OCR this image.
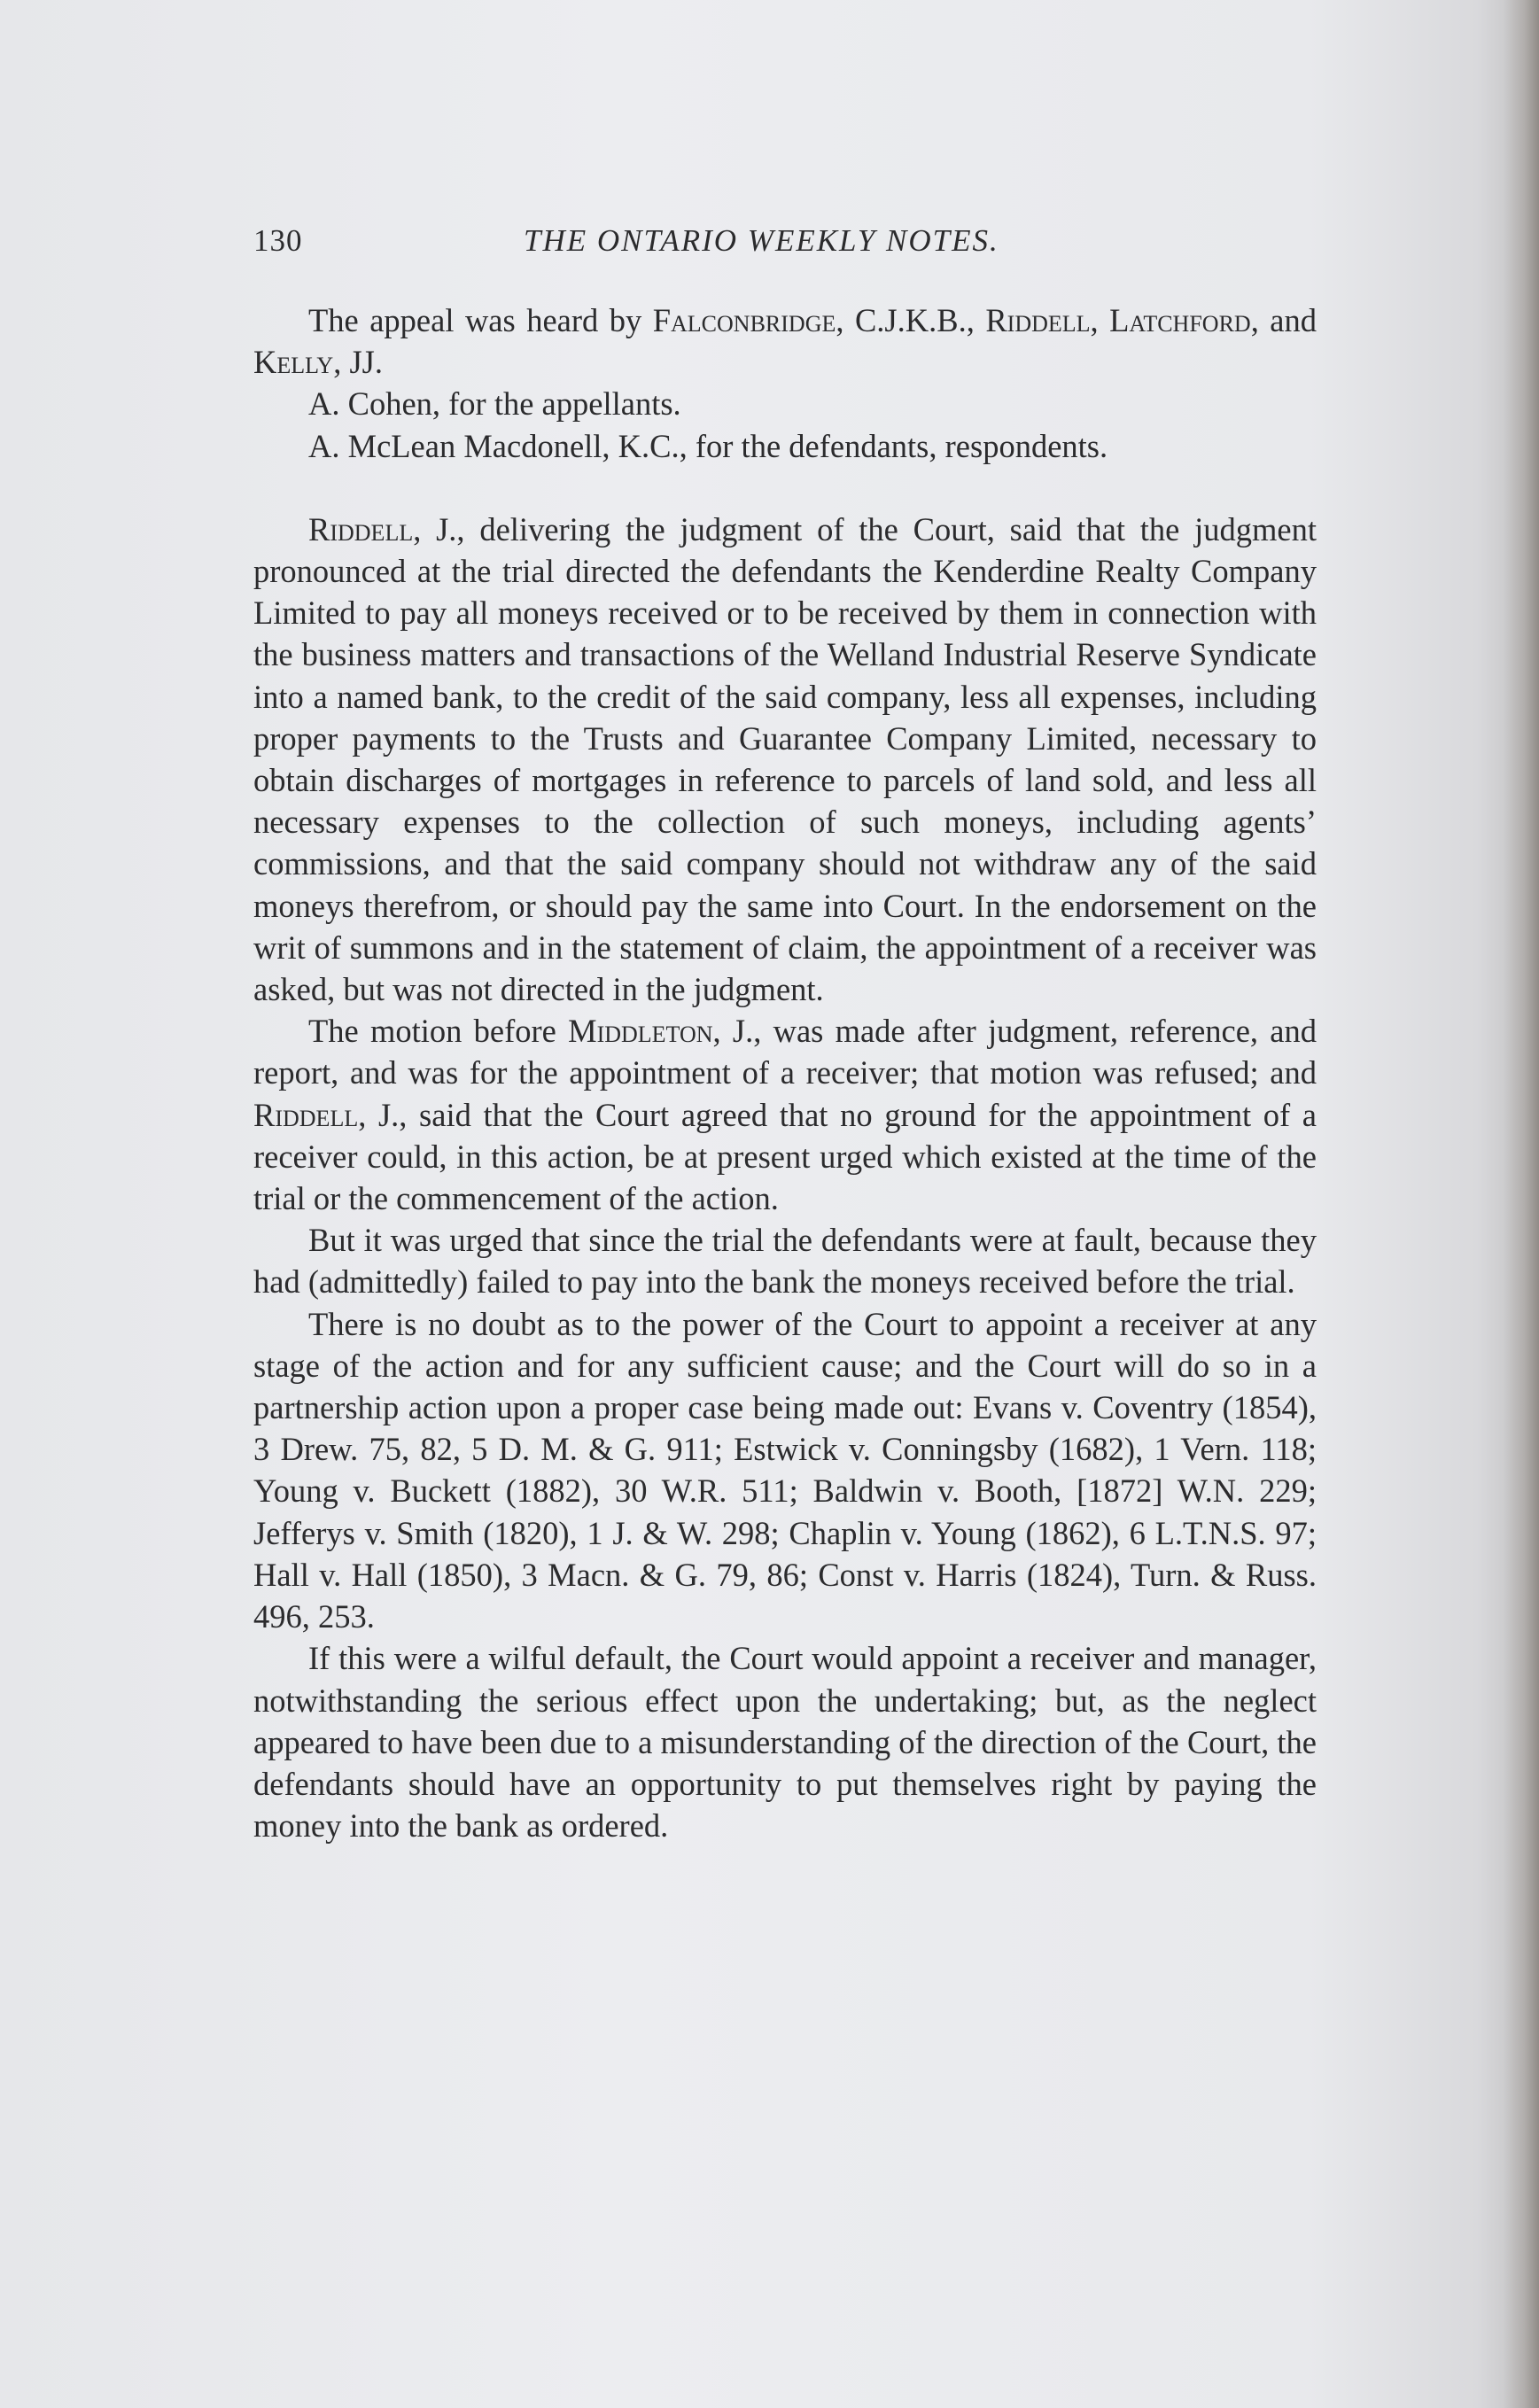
130	THE ONTARIO WEEKLY NOTES.

The appeal was heard by Falconbridge, C.J.K.B., Riddell, Latchford, and Kelly, JJ.

A. Cohen, for the appellants.

A. McLean Macdonell, K.C., for the defendants, respondents.

Riddell, J., delivering the judgment of the Court, said that the judgment pronounced at the trial directed the defendants the Kenderdine Realty Company Limited to pay all moneys received or to be received by them in connection with the business matters and transactions of the Welland Industrial Reserve Syndicate into a named bank, to the credit of the said company, less all expenses, including proper payments to the Trusts and Guarantee Company Limited, necessary to obtain discharges of mortgages in reference to parcels of land sold, and less all necessary expenses to the collection of such moneys, including agents’ commissions, and that the said company should not withdraw any of the said moneys therefrom, or should pay the same into Court. In the endorsement on the writ of summons and in the statement of claim, the appointment of a receiver was asked, but was not directed in the judgment.

The motion before Middleton, J., was made after judgment, reference, and report, and was for the appointment of a receiver; that motion was refused; and Riddell, J., said that the Court agreed that no ground for the appointment of a receiver could, in this action, be at present urged which existed at the time of the trial or the commencement of the action.

But it was urged that since the trial the defendants were at fault, because they had (admittedly) failed to pay into the bank the moneys received before the trial.

There is no doubt as to the power of the Court to appoint a receiver at any stage of the action and for any sufficient cause; and the Court will do so in a partnership action upon a proper case being made out: Evans v. Coventry (1854), 3 Drew. 75, 82, 5 D. M. & G. 911; Estwick v. Conningsby (1682), 1 Vern. 118; Young v. Buckett (1882), 30 W.R. 511; Baldwin v. Booth, [1872] W.N. 229; Jefferys v. Smith (1820), 1 J. & W. 298; Chaplin v. Young (1862), 6 L.T.N.S. 97; Hall v. Hall (1850), 3 Macn. & G. 79, 86; Const v. Harris (1824), Turn. & Russ. 496, 253.

If this were a wilful default, the Court would appoint a receiver and manager, notwithstanding the serious effect upon the undertaking; but, as the neglect appeared to have been due to a misunderstanding of the direction of the Court, the defendants should have an opportunity to put themselves right by paying the money into the bank as ordered.
